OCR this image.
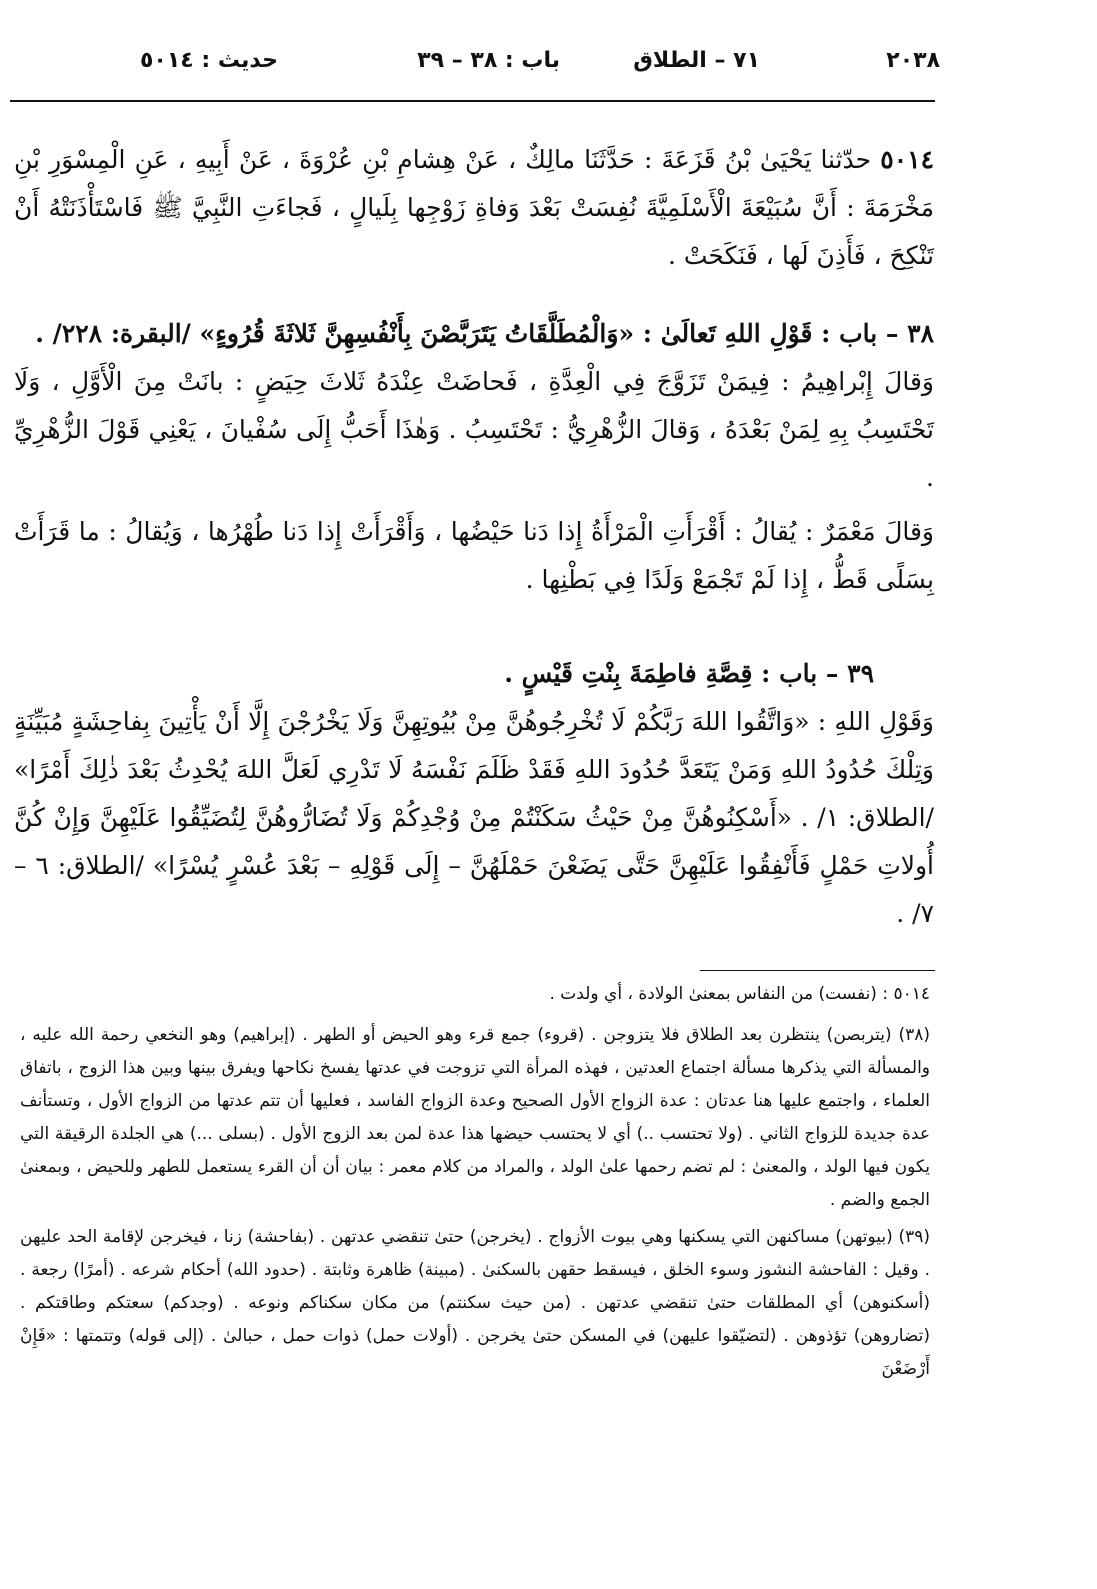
٢٠٣٨
٧١ – الطلاق
باب : ٣٨ – ٣٩
حديث : ٥٠١٤

٥٠١٤ حدّثنا يَحْيَىٰ بْنُ قَزَعَةَ : حَدَّثَنَا مالِكٌ ، عَنْ هِشامِ بْنِ عُرْوَةَ ، عَنْ أَبِيهِ ، عَنِ الْمِسْوَرِ بْنِ مَخْرَمَةَ : أَنَّ سُبَيْعَةَ الْأَسْلَمِيَّةَ نُفِسَتْ بَعْدَ وَفاةِ زَوْجِها بِلَيالٍ ، فَجاءَتِ النَّبِيَّ ﷺ فَاسْتَأْذَنَتْهُ أَنْ تَنْكِحَ ، فَأَذِنَ لَها ، فَنَكَحَتْ .

٣٨ – باب : قَوْلِ اللهِ تَعالَىٰ : «وَالْمُطَلَّقَاتُ يَتَرَبَّصْنَ بِأَنْفُسِهِنَّ ثَلاثَةَ قُرُوءٍ» /البقرة: ٢٢٨/ .

وَقالَ إِبْراهِيمُ : فِيمَنْ تَزَوَّجَ فِي الْعِدَّةِ ، فَحاضَتْ عِنْدَهُ ثَلاثَ حِيَضٍ : بانَتْ مِنَ الْأَوَّلِ ، وَلَا تَحْتَسِبُ بِهِ لِمَنْ بَعْدَهُ ، وَقالَ الزُّهْرِيُّ : تَحْتَسِبُ . وَهٰذَا أَحَبُّ إِلَى سُفْيانَ ، يَعْنِي قَوْلَ الزُّهْرِيِّ .

وَقالَ مَعْمَرٌ : يُقالُ : أَقْرَأَتِ الْمَرْأَةُ إِذا دَنا حَيْضُها ، وَأَقْرَأَتْ إِذا دَنا طُهْرُها ، وَيُقالُ : ما قَرَأَتْ بِسَلًى قَطُّ ، إِذا لَمْ تَجْمَعْ وَلَدًا فِي بَطْنِها .

٣٩ – باب : قِصَّةِ فاطِمَةَ بِنْتِ قَيْسٍ .

وَقَوْلِ اللهِ : «وَاتَّقُوا اللهَ رَبَّكُمْ لَا تُخْرِجُوهُنَّ مِنْ بُيُوتِهِنَّ وَلَا يَخْرُجْنَ إِلَّا أَنْ يَأْتِينَ بِفاحِشَةٍ مُبَيِّنَةٍ وَتِلْكَ حُدُودُ اللهِ وَمَنْ يَتَعَدَّ حُدُودَ اللهِ فَقَدْ ظَلَمَ نَفْسَهُ لَا تَدْرِي لَعَلَّ اللهَ يُحْدِثُ بَعْدَ ذٰلِكَ أَمْرًا» /الطلاق: ١/ . «أَسْكِنُوهُنَّ مِنْ حَيْثُ سَكَنْتُمْ مِنْ وُجْدِكُمْ وَلَا تُضَارُّوهُنَّ لِتُضَيِّقُوا عَلَيْهِنَّ وَإِنْ كُنَّ أُولاتِ حَمْلٍ فَأَنْفِقُوا عَلَيْهِنَّ حَتَّى يَضَعْنَ حَمْلَهُنَّ – إِلَى قَوْلِهِ – بَعْدَ عُسْرٍ يُسْرًا» /الطلاق: ٦ – ٧/ .

٥٠١٤ : (نفست) من النفاس بمعنىٰ الولادة ، أي ولدت .

(٣٨) (يتربصن) ينتظرن بعد الطلاق فلا يتزوجن . (قروء) جمع قرء وهو الحيض أو الطهر . (إبراهيم) وهو النخعي رحمة الله عليه ، والمسألة التي يذكرها مسألة اجتماع العدتين ، فهذه المرأة التي تزوجت في عدتها يفسخ نكاحها ويفرق بينها وبين هذا الزوج ، باتفاق العلماء ، واجتمع عليها هنا عدتان : عدة الزواج الأول الصحيح وعدة الزواج الفاسد ، فعليها أن تتم عدتها من الزواج الأول ، وتستأنف عدة جديدة للزواج الثاني . (ولا تحتسب ..) أي لا يحتسب حيضها هذا عدة لمن بعد الزوج الأول . (بسلى ...) هي الجلدة الرقيقة التي يكون فيها الولد ، والمعنىٰ : لم تضم رحمها علىٰ الولد ، والمراد من كلام معمر : بيان أن أن القرء يستعمل للطهر وللحيض ، وبمعنىٰ الجمع والضم .

(٣٩) (بيوتهن) مساكنهن التي يسكنها وهي بيوت الأزواج . (يخرجن) حتىٰ تنقضي عدتهن . (بفاحشة) زنا ، فيخرجن لإقامة الحد عليهن . وقيل : الفاحشة النشوز وسوء الخلق ، فيسقط حقهن بالسكنىٰ . (مبينة) ظاهرة وثابتة . (حدود الله) أحكام شرعه . (أمرًا) رجعة . (أسكنوهن) أي المطلقات حتىٰ تنقضي عدتهن . (من حيث سكنتم) من مكان سكناكم ونوعه . (وجدكم) سعتكم وطاقتكم . (تضاروهن) تؤذوهن . (لتضيّقوا عليهن) في المسكن حتىٰ يخرجن . (أولات حمل) ذوات حمل ، حبالىٰ . (إلى قوله) وتتمتها : «فَإِنْ أَرْضَعْنَ
